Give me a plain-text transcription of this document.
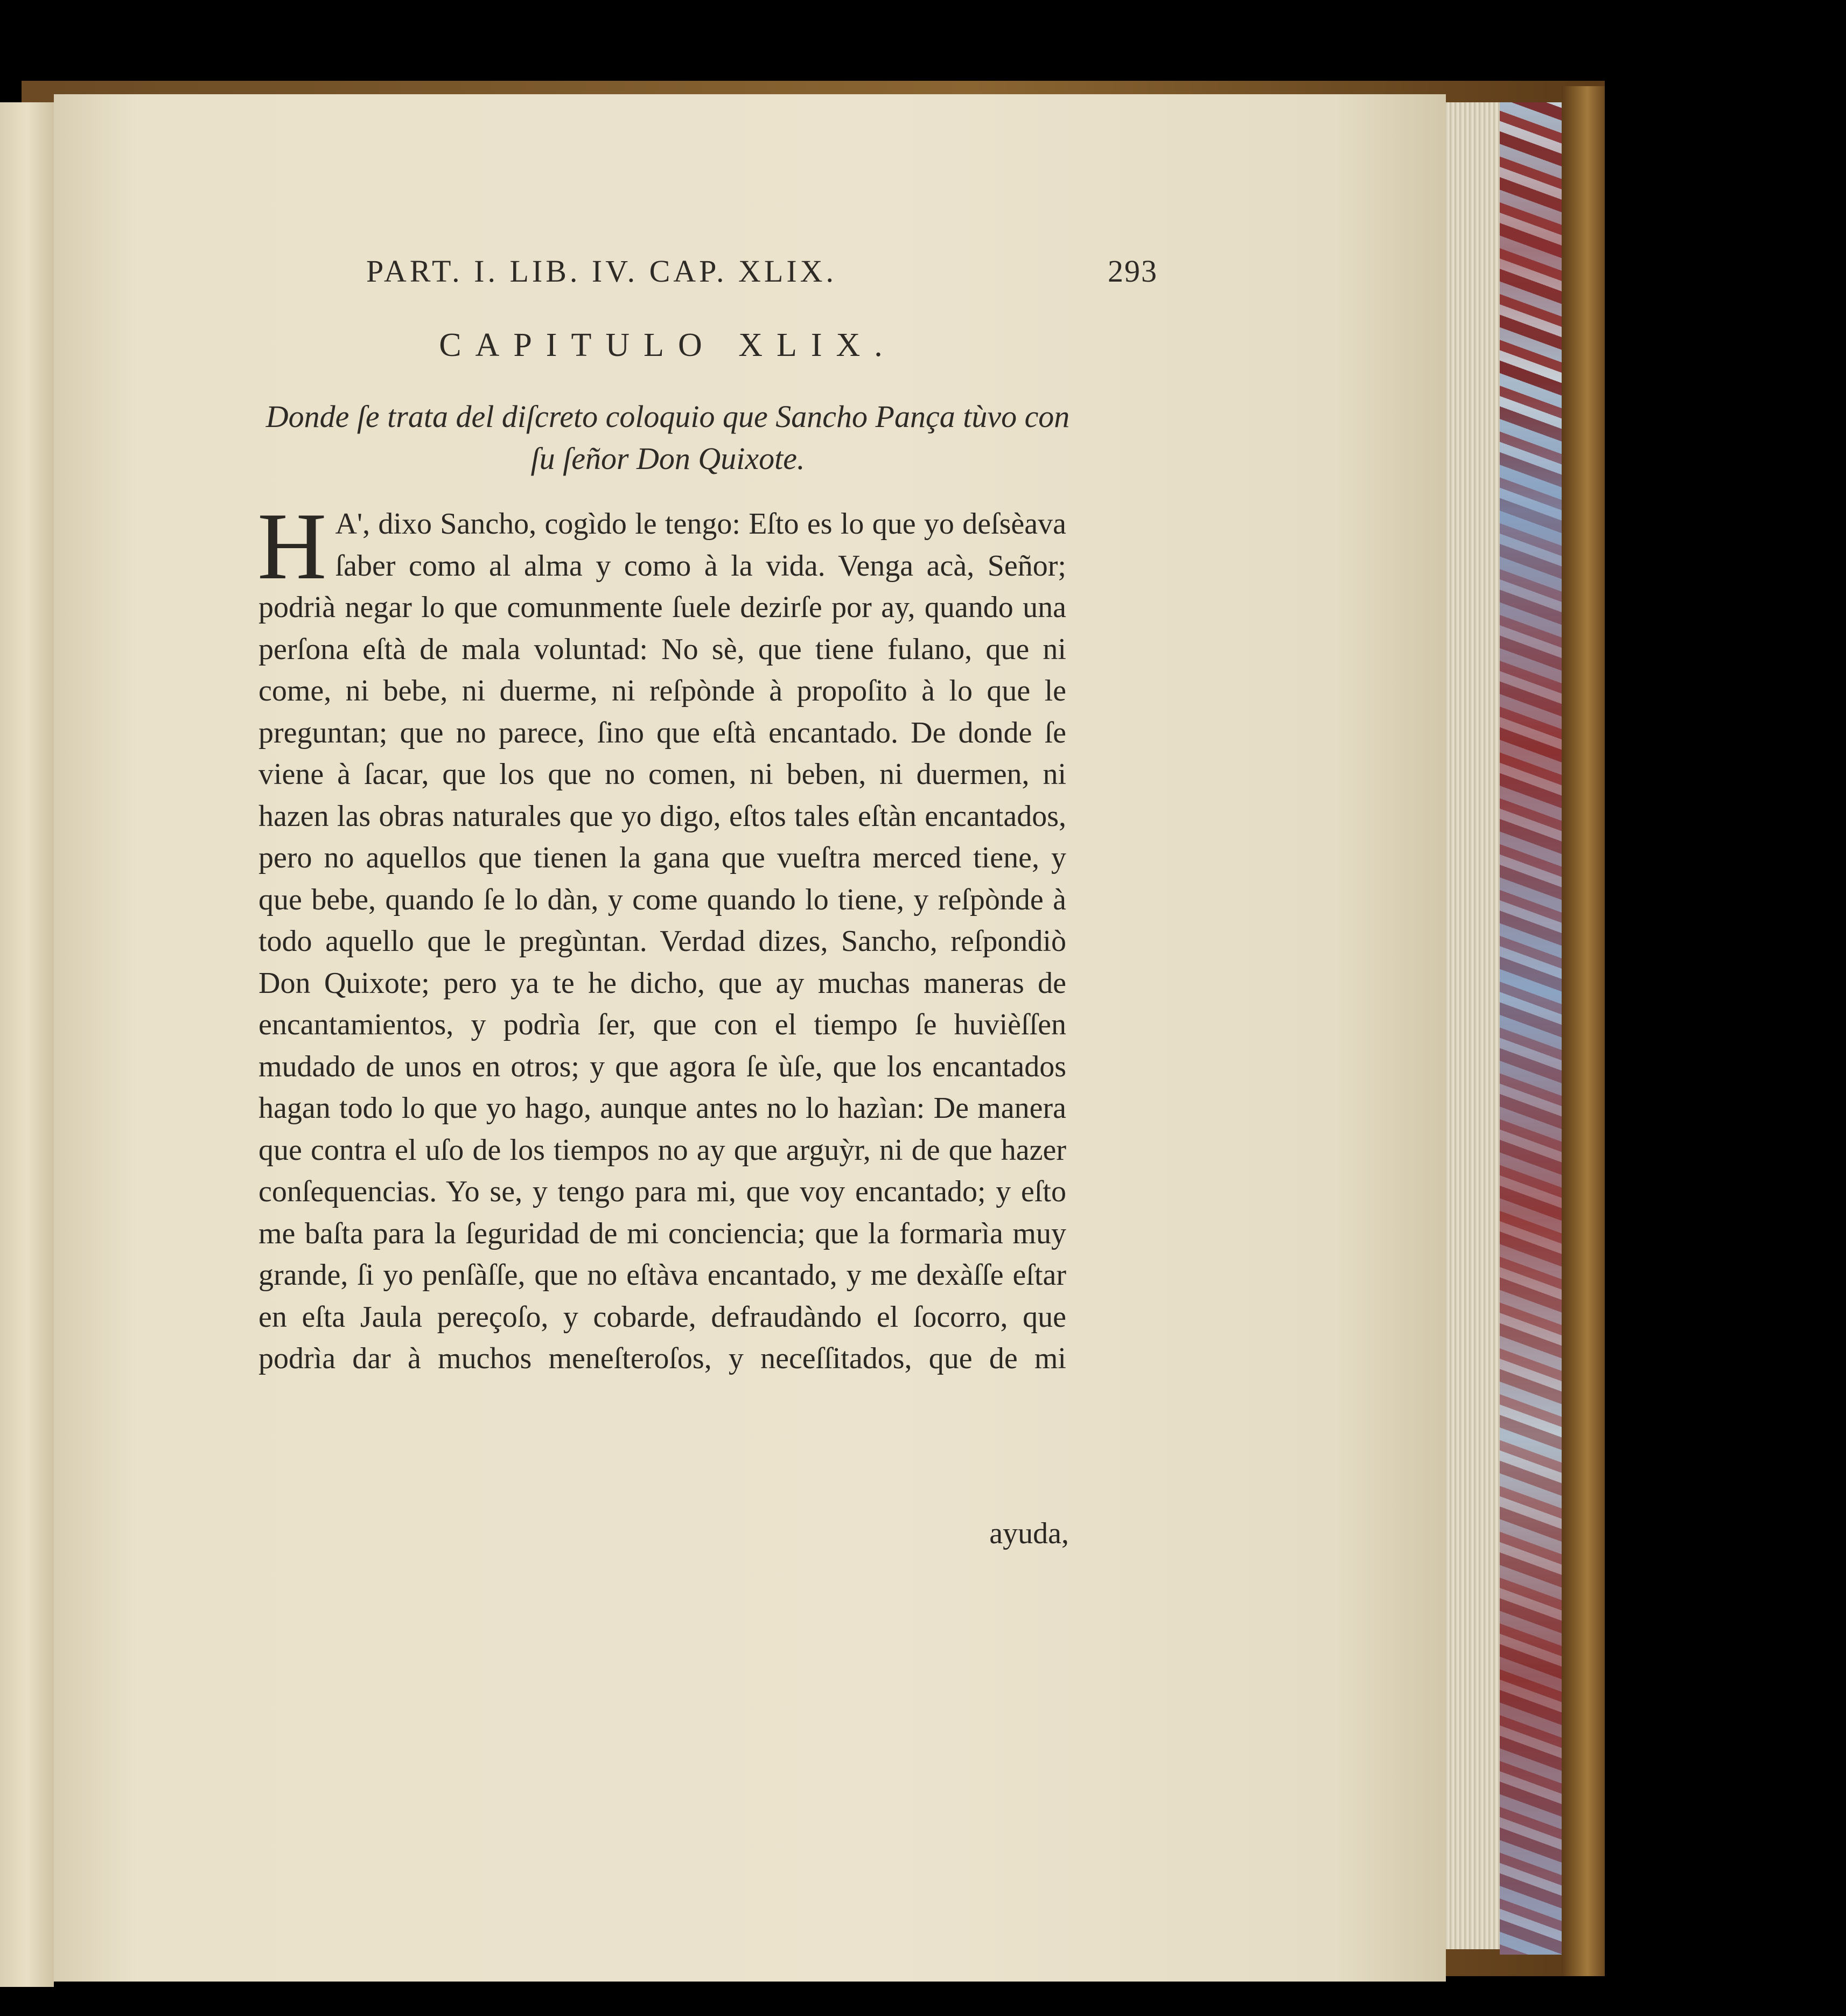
PART. I. LIB. IV. CAP. XLIX.	293
CAPITULO XLIX.
Donde ſe trata del diſcreto coloquio que Sancho Pança tùvo con ſu ſeñor Don Quixote.
H A', dixo Sancho, cogìdo le tengo: Eſto es lo que yo deſsèava ſaber como al alma y como à la vida. Venga acà, Señor; podrià negar lo que comunmente ſuele dezirſe por ay, quando una perſona eſtà de mala voluntad: No sè, que tiene fulano, que ni come, ni bebe, ni duerme, ni reſpònde à propoſito à lo que le preguntan; que no parece, ſino que eſtà encantado. De donde ſe viene à ſacar, que los que no comen, ni beben, ni duermen, ni hazen las obras naturales que yo digo, eſtos tales eſtàn encantados, pero no aquellos que tienen la gana que vueſtra merced tiene, y que bebe, quando ſe lo dàn, y come quando lo tiene, y reſpònde à todo aquello que le pregùntan. Verdad dizes, Sancho, reſpondiò Don Quixote; pero ya te he dicho, que ay muchas maneras de encantamientos, y podrìa ſer, que con el tiempo ſe huvièſſen mudado de unos en otros; y que agora ſe ùſe, que los encantados hagan todo lo que yo hago, aunque antes no lo hazìan: De manera que contra el uſo de los tiempos no ay que arguỳr, ni de que hazer conſequencias. Yo se, y tengo para mi, que voy encantado; y eſto me baſta para la ſeguridad de mi conciencia; que la formarìa muy grande, ſi yo penſàſſe, que no eſtàva encantado, y me dexàſſe eſtar en eſta Jaula pereçoſo, y cobarde, defraudàndo el ſocorro, que podrìa dar à muchos meneſteroſos, y neceſſitados, que de mi
ayuda,
